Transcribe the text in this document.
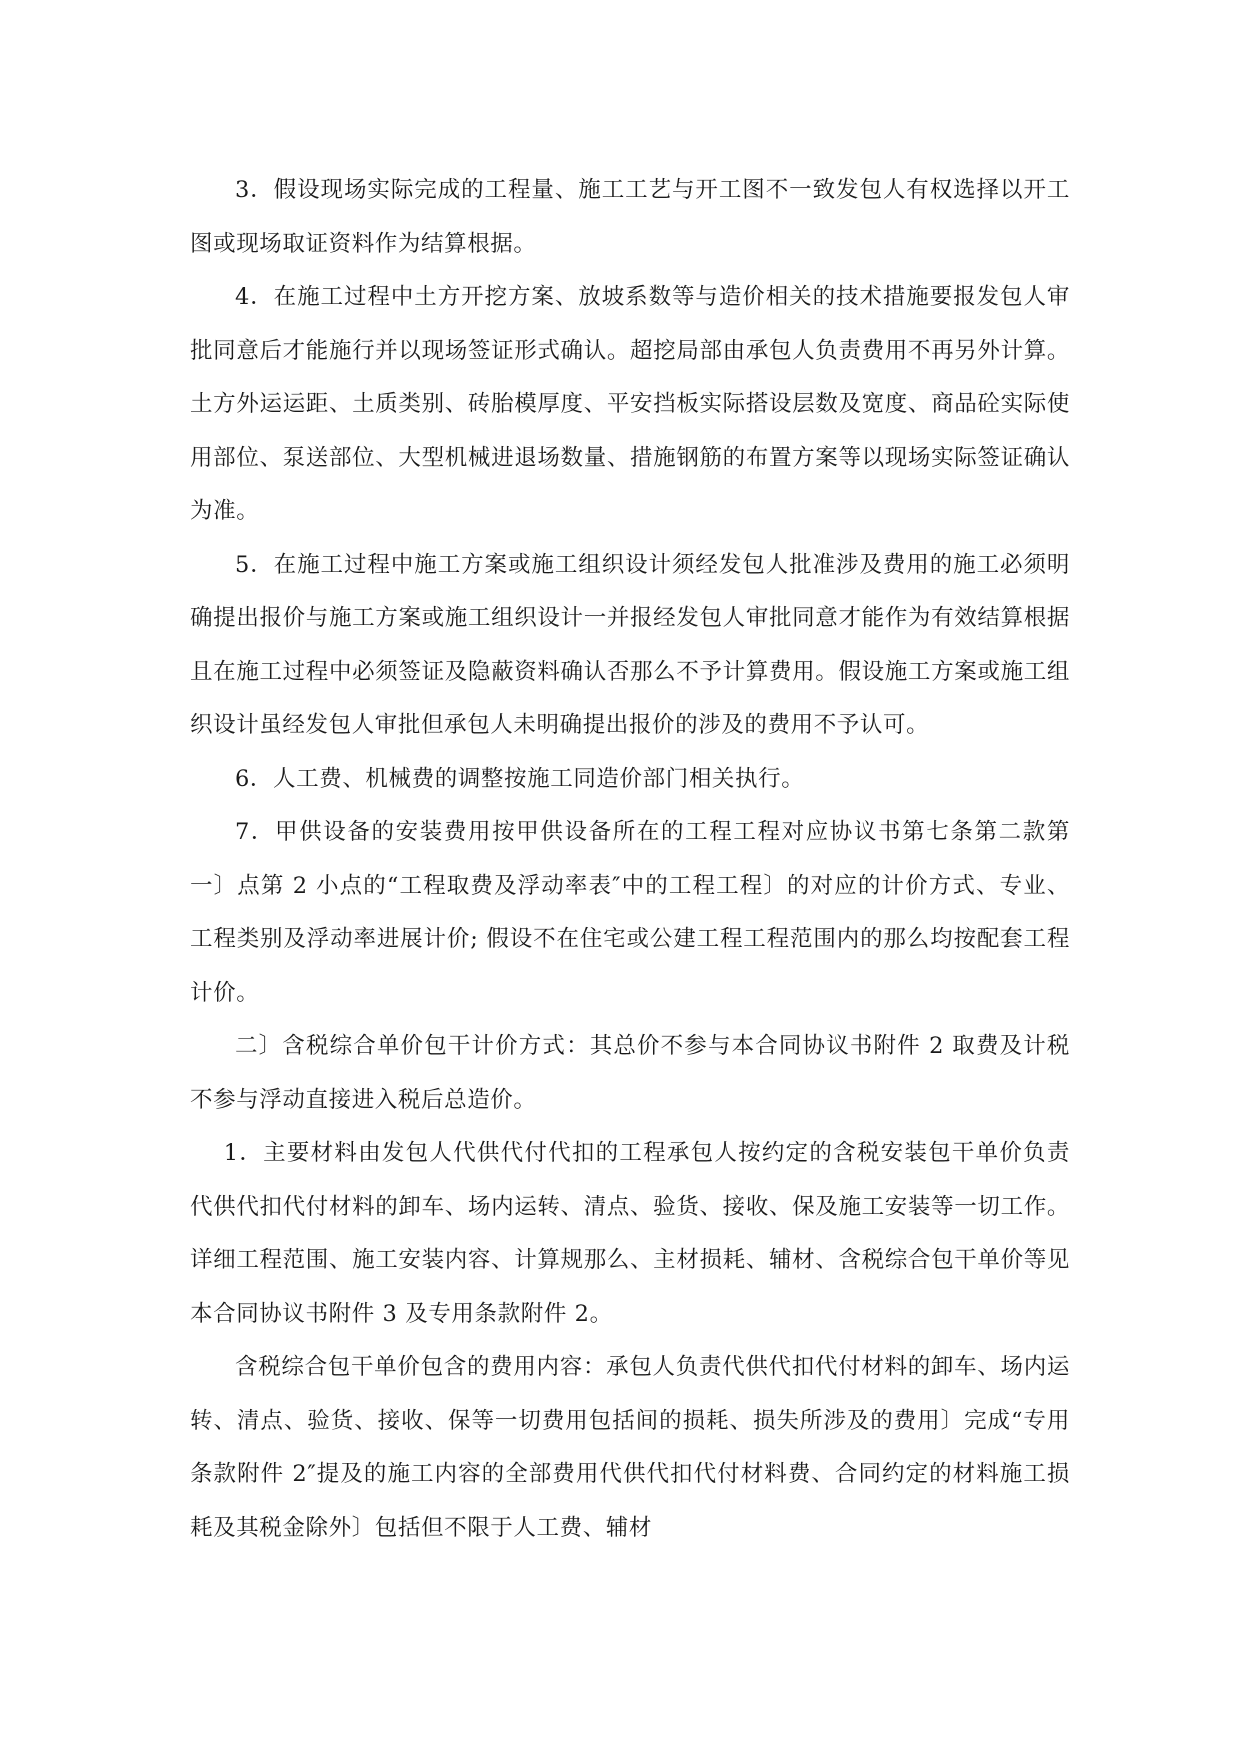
3．假设现场实际完成的工程量、施工工艺与开工图不一致发包人有权选择以开工图或现场取证资料作为结算根据。

4．在施工过程中土方开挖方案、放坡系数等与造价相关的技术措施要报发包人审批同意后才能施行并以现场签证形式确认。超挖局部由承包人负责费用不再另外计算。土方外运运距、土质类别、砖胎模厚度、平安挡板实际搭设层数及宽度、商品砼实际使用部位、泵送部位、大型机械进退场数量、措施钢筋的布置方案等以现场实际签证确认为准。

5．在施工过程中施工方案或施工组织设计须经发包人批准涉及费用的施工必须明确提出报价与施工方案或施工组织设计一并报经发包人审批同意才能作为有效结算根据且在施工过程中必须签证及隐蔽资料确认否那么不予计算费用。假设施工方案或施工组织设计虽经发包人审批但承包人未明确提出报价的涉及的费用不予认可。

6．人工费、机械费的调整按施工同造价部门相关执行。

7．甲供设备的安装费用按甲供设备所在的工程工程对应协议书第七条第二款第一〕点第 2 小点的“工程取费及浮动率表″中的工程工程〕的对应的计价方式、专业、工程类别及浮动率进展计价; 假设不在住宅或公建工程工程范围内的那么均按配套工程计价。

二〕含税综合单价包干计价方式：其总价不参与本合同协议书附件 2 取费及计税不参与浮动直接进入税后总造价。

1．主要材料由发包人代供代付代扣的工程承包人按约定的含税安装包干单价负责代供代扣代付材料的卸车、场内运转、清点、验货、接收、保及施工安装等一切工作。详细工程范围、施工安装内容、计算规那么、主材损耗、辅材、含税综合包干单价等见本合同协议书附件 3 及专用条款附件 2。

含税综合包干单价包含的费用内容：承包人负责代供代扣代付材料的卸车、场内运转、清点、验货、接收、保等一切费用包括间的损耗、损失所涉及的费用〕完成“专用条款附件 2″提及的施工内容的全部费用代供代扣代付材料费、合同约定的材料施工损耗及其税金除外〕包括但不限于人工费、辅材
